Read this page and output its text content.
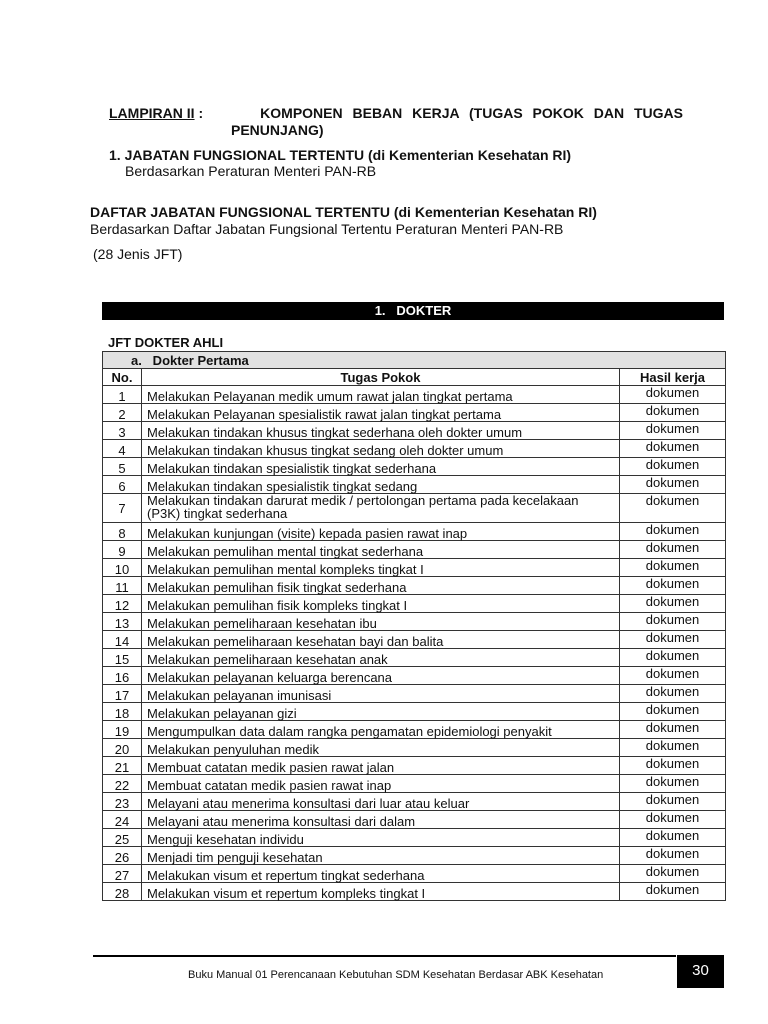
LAMPIRAN II :	KOMPONEN BEBAN KERJA (TUGAS POKOK DAN TUGAS
PENUNJANG)
1. JABATAN FUNGSIONAL TERTENTU (di Kementerian Kesehatan RI)
Berdasarkan Peraturan Menteri PAN-RB
DAFTAR JABATAN FUNGSIONAL TERTENTU (di Kementerian Kesehatan RI)
Berdasarkan Daftar Jabatan Fungsional Tertentu Peraturan Menteri PAN-RB
(28 Jenis JFT)
1.   DOKTER
JFT DOKTER AHLI
a.   Dokter Pertama		
No.	Tugas Pokok	Hasil kerja
1	Melakukan Pelayanan medik umum rawat jalan tingkat pertama	dokumen
2	Melakukan Pelayanan spesialistik rawat jalan tingkat pertama	dokumen
3	Melakukan tindakan khusus tingkat sederhana oleh dokter umum	dokumen
4	Melakukan tindakan khusus tingkat sedang oleh dokter umum	dokumen
5	Melakukan tindakan spesialistik tingkat sederhana	dokumen
6	Melakukan tindakan spesialistik tingkat sedang	dokumen
7	Melakukan tindakan darurat medik / pertolongan pertama pada kecelakaan (P3K) tingkat sederhana	dokumen
8	Melakukan kunjungan (visite) kepada pasien rawat inap	dokumen
9	Melakukan pemulihan mental tingkat sederhana	dokumen
10	Melakukan pemulihan mental kompleks tingkat I	dokumen
11	Melakukan pemulihan fisik tingkat sederhana	dokumen
12	Melakukan pemulihan fisik kompleks tingkat I	dokumen
13	Melakukan pemeliharaan kesehatan ibu	dokumen
14	Melakukan pemeliharaan kesehatan bayi dan balita	dokumen
15	Melakukan pemeliharaan kesehatan anak	dokumen
16	Melakukan pelayanan keluarga berencana	dokumen
17	Melakukan pelayanan imunisasi	dokumen
18	Melakukan pelayanan gizi	dokumen
19	Mengumpulkan data dalam rangka pengamatan epidemiologi penyakit	dokumen
20	Melakukan penyuluhan medik	dokumen
21	Membuat catatan medik pasien rawat jalan	dokumen
22	Membuat catatan medik pasien rawat inap	dokumen
23	Melayani atau menerima konsultasi dari luar atau keluar	dokumen
24	Melayani atau menerima konsultasi dari dalam	dokumen
25	Menguji kesehatan individu	dokumen
26	Menjadi tim penguji kesehatan	dokumen
27	Melakukan visum et repertum tingkat sederhana	dokumen
28	Melakukan visum et repertum kompleks tingkat I	dokumen
Buku Manual 01 Perencanaan Kebutuhan SDM Kesehatan Berdasar ABK Kesehatan	30
